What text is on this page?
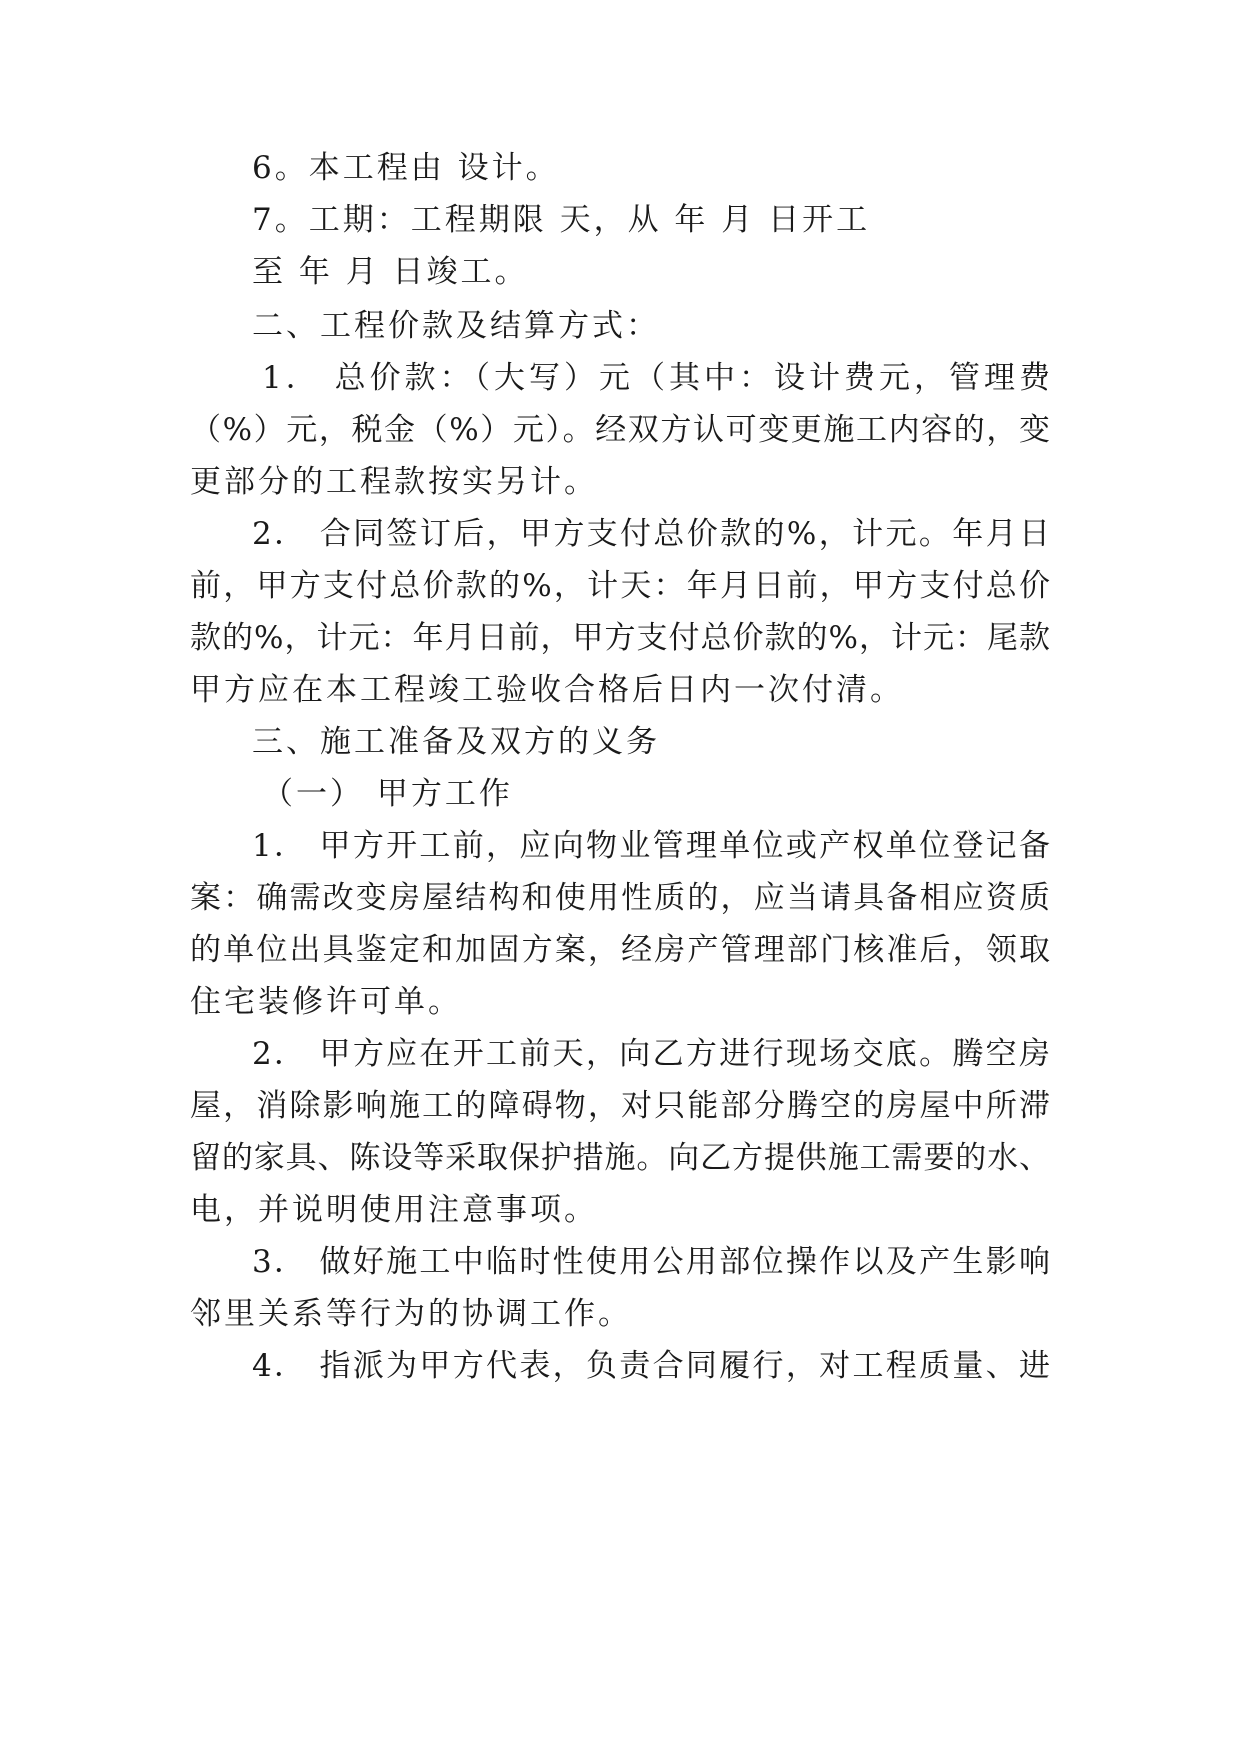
6。本工程由 设计。
7。工期：工程期限 天，从 年 月 日开工
至 年 月 日竣工。
二、工程价款及结算方式：
1． 总价款：（大写）元（其中：设计费元，管理费
（%）元，税金（%）元）。经双方认可变更施工内容的，变
更部分的工程款按实另计。
2． 合同签订后，甲方支付总价款的%，计元。年月日
前，甲方支付总价款的%，计天：年月日前，甲方支付总价
款的%，计元：年月日前，甲方支付总价款的%，计元：尾款
甲方应在本工程竣工验收合格后日内一次付清。
三、施工准备及双方的义务
（一） 甲方工作
1． 甲方开工前，应向物业管理单位或产权单位登记备
案：确需改变房屋结构和使用性质的，应当请具备相应资质
的单位出具鉴定和加固方案，经房产管理部门核准后，领取
住宅装修许可单。
2． 甲方应在开工前天，向乙方进行现场交底。腾空房
屋，消除影响施工的障碍物，对只能部分腾空的房屋中所滞
留的家具、陈设等采取保护措施。向乙方提供施工需要的水、
电，并说明使用注意事项。
3． 做好施工中临时性使用公用部位操作以及产生影响
邻里关系等行为的协调工作。
4． 指派为甲方代表，负责合同履行，对工程质量、进
